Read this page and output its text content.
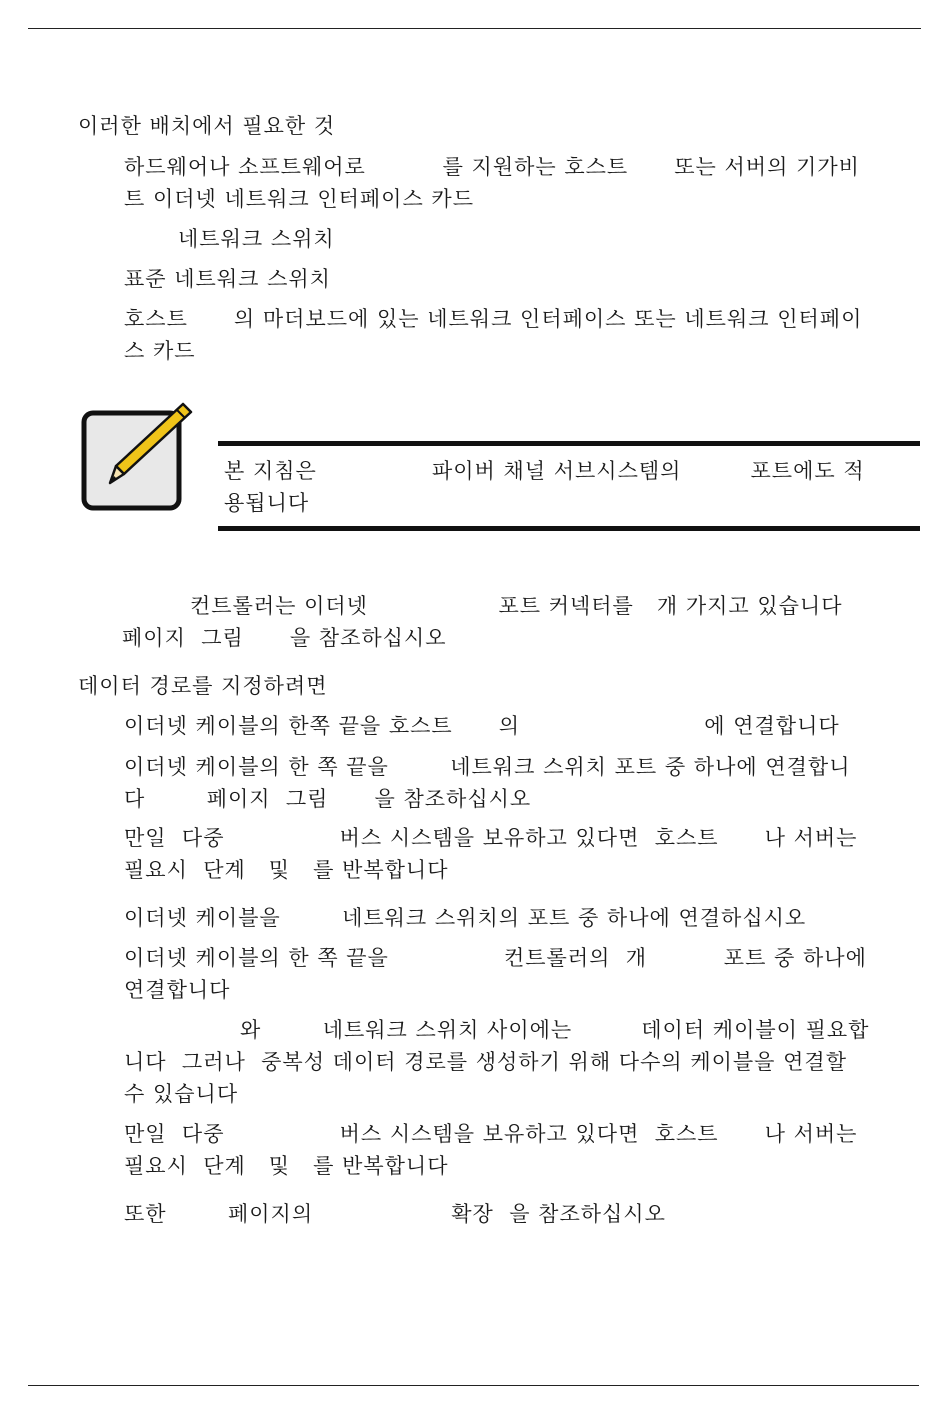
이러한 배치에서 필요한 것

하드웨어나 소프트웨어로          를 지원하는 호스트      또는 서버의 기가비

트 이더넷 네트워크 인터페이스 카드

네트워크 스위치

표준 네트워크 스위치

호스트      의 마더보드에 있는 네트워크 인터페이스 또는 네트워크 인터페이

스 카드

본 지침은               파이버 채널 서브시스템의         포트에도 적

용됩니다

컨트롤러는 이더넷                 포트 커넥터를   개 가지고 있습니다

페이지  그림      을 참조하십시오

데이터 경로를 지정하려면

이더넷 케이블의 한쪽 끝을 호스트      의                        에 연결합니다

이더넷 케이블의 한 쪽 끝을        네트워크 스위치 포트 중 하나에 연결합니

다        페이지  그림      을 참조하십시오

만일  다중               버스 시스템을 보유하고 있다면  호스트      나 서버는

필요시  단계   및   를 반복합니다

이더넷 케이블을        네트워크 스위치의 포트 중 하나에 연결하십시오

이더넷 케이블의 한 쪽 끝을               컨트롤러의  개          포트 중 하나에

연결합니다

와        네트워크 스위치 사이에는         데이터 케이블이 필요합

니다  그러나  중복성 데이터 경로를 생성하기 위해 다수의 케이블을 연결할

수 있습니다

만일  다중               버스 시스템을 보유하고 있다면  호스트      나 서버는

필요시  단계   및   를 반복합니다

또한        페이지의                  확장  을 참조하십시오
